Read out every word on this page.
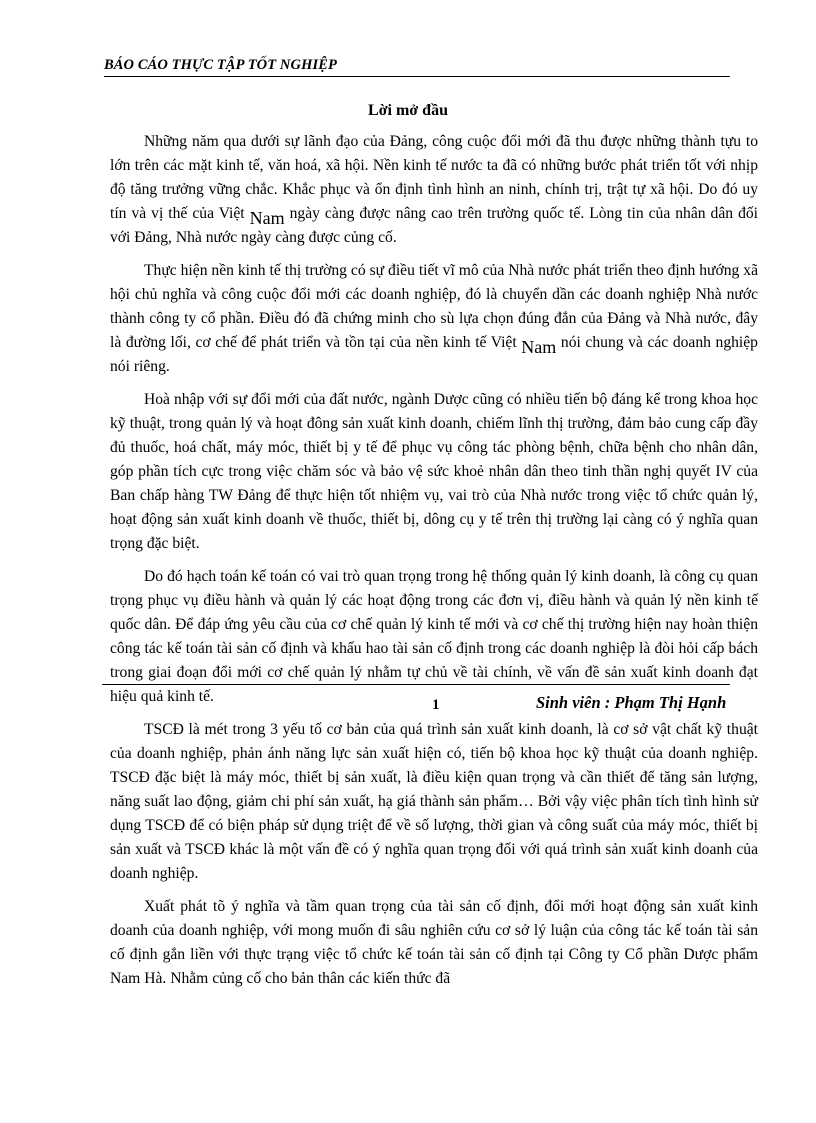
BÁO CÁO THỰC TẬP TỐT NGHIỆP
Lời mở đầu

Những năm qua dưới sự lãnh đạo của Đảng, công cuộc đổi mới đã thu được những thành tựu to lớn trên các mặt kinh tế, văn hoá, xã hội. Nền kinh tế nước ta đã có những bước phát triển tốt với nhịp độ tăng trưởng vững chắc. Khắc phục và ổn định tình hình an ninh, chính trị, trật tự xã hội. Do đó uy tín và vị thế của Việt Nam ngày càng được nâng cao trên trường quốc tế. Lòng tin của nhân dân đối với Đảng, Nhà nước ngày càng được củng cố.

Thực hiện nền kinh tế thị trường có sự điều tiết vĩ mô của Nhà nước phát triển theo định hướng xã hội chủ nghĩa và công cuộc đổi mới các doanh nghiệp, đó là chuyển dần các doanh nghiệp Nhà nước thành công ty cổ phần. Điều đó đã chứng minh cho sù lựa chọn đúng đắn của Đảng và Nhà nước, đây là đường lối, cơ chế để phát triển và tồn tại của nền kinh tế Việt Nam nói chung và các doanh nghiệp nói riêng.

Hoà nhập với sự đổi mới của đất nước, ngành Dược cũng có nhiều tiến bộ đáng kể trong khoa học kỹ thuật, trong quản lý và hoạt đông sản xuất kinh doanh, chiếm lĩnh thị trường, đảm bảo cung cấp đầy đủ thuốc, hoá chất, máy móc, thiết bị y tế để phục vụ công tác phòng bệnh, chữa bệnh cho nhân dân, góp phần tích cực trong việc chăm sóc và bảo vệ sức khoẻ nhân dân theo tinh thần nghị quyết IV của Ban chấp hàng TW Đảng để thực hiện tốt nhiệm vụ, vai trò của Nhà nước trong việc tổ chức quản lý, hoạt động sản xuất kinh doanh về thuốc, thiết bị, dông cụ y tế trên thị trường lại càng có ý nghĩa quan trọng đặc biệt.

Do đó hạch toán kế toán có vai trò quan trọng trong hệ thống quản lý kinh doanh, là công cụ quan trọng phục vụ điều hành và quản lý các hoạt động trong các đơn vị, điều hành và quản lý nền kinh tế quốc dân. Để đáp ứng yêu cầu của cơ chế quản lý kinh tế mới và cơ chế thị trường hiện nay hoàn thiện công tác kế toán tài sản cố định và khấu hao tài sản cố định trong các doanh nghiệp là đòi hỏi cấp bách trong giai đoạn đổi mới cơ chế quản lý nhằm tự chủ về tài chính, về vấn đề sản xuất kinh doanh đạt hiệu quả kinh tế.

TSCĐ là mét trong 3 yếu tố cơ bản của quá trình sản xuất kinh doanh, là cơ sở vật chất kỹ thuật của doanh nghiệp, phản ánh năng lực sản xuất hiện có, tiến bộ khoa học kỹ thuật của doanh nghiệp. TSCĐ đặc biệt là máy móc, thiết bị sản xuất, là điều kiện quan trọng và cần thiết để tăng sản lượng, năng suất lao động, giảm chi phí sản xuất, hạ giá thành sản phẩm… Bởi vậy việc phân tích tình hình sử dụng TSCĐ để có biện pháp sử dụng triệt để về số lượng, thời gian và công suất của máy móc, thiết bị sản xuất và TSCĐ khác là một vấn đề có ý nghĩa quan trọng đối với quá trình sản xuất kinh doanh của doanh nghiệp.

Xuất phát tõ ý nghĩa và tầm quan trọng của tài sản cố định, đổi mới hoạt động sản xuất kinh doanh của doanh nghiệp, với mong muốn đi sâu nghiên cứu cơ sở lý luận của công tác kế toán tài sản cố định gắn liền với thực trạng việc tổ chức kế toán tài sản cố định tại Công ty Cổ phần Dược phẩm Nam Hà. Nhằm củng cố cho bản thân các kiến thức đã

1	Sinh viên : Phạm Thị Hạnh
